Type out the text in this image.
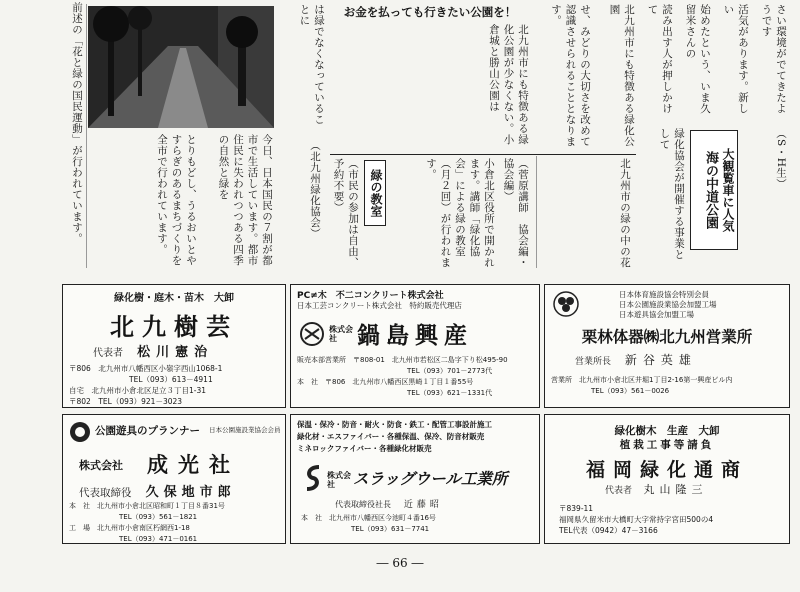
前述の「花と緑の国民運動」が行われています。	とりもどし、うるおいとやすらぎのあるまちづくりを全市で行われています。	今日、日本国民の７割が都市で生活しています。都市住民に失われつつある四季の自然と緑を
は緑でなくなっていることに
（北九州緑化協会）
お金を払っても行きたい公園を！
北九州市にも特徴ある緑化公園が少なくない。小倉城と勝山公園は	せ、みどりの大切さを改めて認識させられることとなります。	北九州市にも特徴ある緑化公園	読み出す人が押しかけて	始めたという、いま久留米さんの	活気があります。新しい	さい環境がでてきたようです
緑の教室	小倉北区役所で開かれます。講師「緑化協会」による緑の教室（月２回）が行われます。
（市民の参加は自由、予約不要）	（菅原講師　協会編・協会編）	北九州市の緑の中の花	緑化協会が開催する事業として
大観覧車に人気
海の中道公園	（S・H生）
緑化樹・庭木・苗木　大卸
北九樹芸
代表者 松川憲治
〒806　北九州市八幡西区小嶺字西山1068-1
TEL（093）613－4911
自宅　北九州市小倉北区足立３丁目1-31
〒802　TEL（093）921－3023
PC≠木　不二コンクリート株式会社
日本工芸コンクリート株式会社　特約販売代理店
株式会社 鍋島興産
販売本部営業所　〒808-01　北九州市若松区二島字下り松495-90
TEL（093）701－2773代
本　社　〒806　北九州市八幡西区黒崎１丁目１番55号
TEL（093）621－1331代
日本体育施設協会特別会員
日本公園施設業協会加盟工場
日本遊具協会加盟工場
栗林体器㈱北九州営業所
営業所長 新谷英雄
営業所　北九州市小倉北区井堀1丁目2-16第一興産ビル内
TEL（093）561－0026
公園遊具のプランナー	日本公園施設業協会会員
株式会社	成光社
代表取締役 久保地市郎
本　社　北九州市小倉北区昭和町１丁目８番31号
TEL（093）561－1821
工　場　北九州市小倉南区朽網西1-18
TEL（093）471－0161
保温・保冷・防音・耐火・防食・鉄工・配管工事設計施工
緑化材・エスファイバー・各種保温、保冷、防音材販売
ミネロックファイバー・各種緑化材販売
株式会社	スラッグウール工業所
代表取締役社長 近藤昭
本　社　北九州市八幡西区今池町４番16号
TEL（093）631－7741
緑化樹木　生産　大卸
植栽工事等請負
福岡緑化通商
代表者 丸山隆三
〒839-11
福岡県久留米市大橋町大字常持字宮田500の4
TEL代表（0942）47－3166
― 66 ―
